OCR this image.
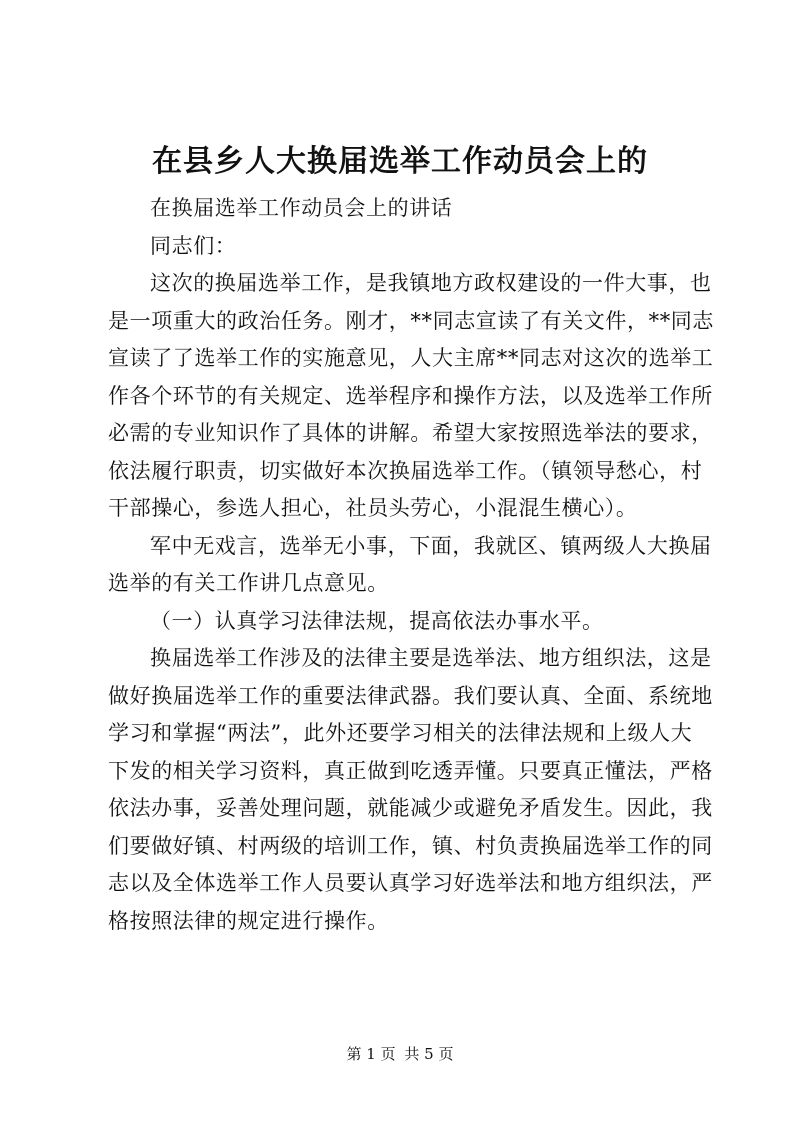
在县乡人大换届选举工作动员会上的

在换届选举工作动员会上的讲话

同志们：

这次的换届选举工作，是我镇地方政权建设的一件大事，也
是一项重大的政治任务。刚才，**同志宣读了有关文件，**同志
宣读了了选举工作的实施意见，人大主席**同志对这次的选举工
作各个环节的有关规定、选举程序和操作方法，以及选举工作所
必需的专业知识作了具体的讲解。希望大家按照选举法的要求，
依法履行职责，切实做好本次换届选举工作。（镇领导愁心，村
干部操心，参选人担心，社员头劳心，小混混生横心）。

军中无戏言，选举无小事，下面，我就区、镇两级人大换届
选举的有关工作讲几点意见。

（一）认真学习法律法规，提高依法办事水平。

换届选举工作涉及的法律主要是选举法、地方组织法，这是
做好换届选举工作的重要法律武器。我们要认真、全面、系统地
学习和掌握“两法”，此外还要学习相关的法律法规和上级人大
下发的相关学习资料，真正做到吃透弄懂。只要真正懂法，严格
依法办事，妥善处理问题，就能减少或避免矛盾发生。因此，我
们要做好镇、村两级的培训工作，镇、村负责换届选举工作的同
志以及全体选举工作人员要认真学习好选举法和地方组织法，严
格按照法律的规定进行操作。

第 1 页 共 5 页
